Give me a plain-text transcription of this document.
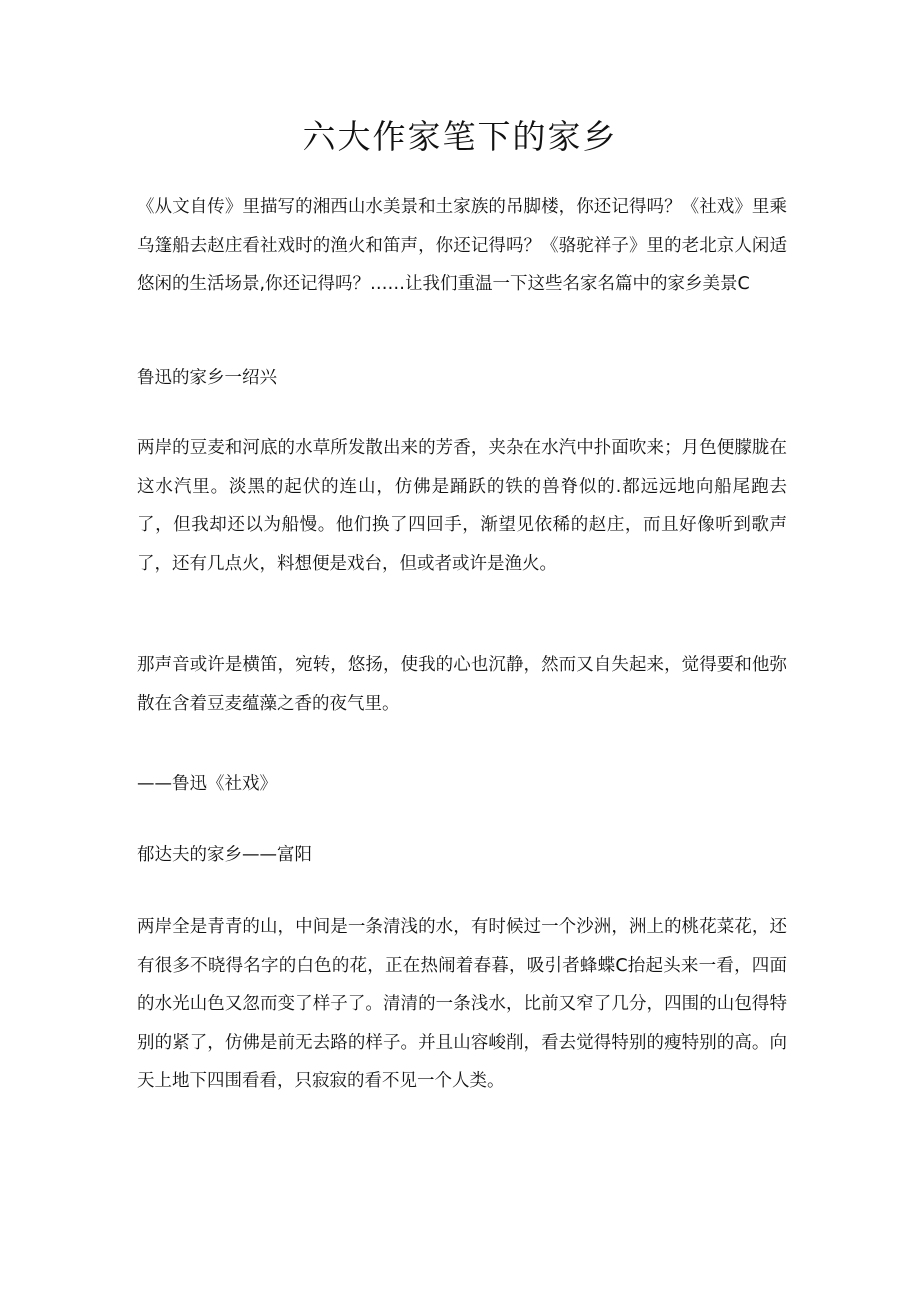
六大作家笔下的家乡

《从文自传》里描写的湘西山水美景和土家族的吊脚楼，你还记得吗？《社戏》里乘乌篷船去赵庄看社戏时的渔火和笛声，你还记得吗？《骆驼祥子》里的老北京人闲适悠闲的生活场景,你还记得吗？……让我们重温一下这些名家名篇中的家乡美景C

鲁迅的家乡一绍兴

两岸的豆麦和河底的水草所发散出来的芳香，夹杂在水汽中扑面吹来；月色便朦胧在这水汽里。淡黑的起伏的连山，仿佛是踊跃的铁的兽脊似的.都远远地向船尾跑去了，但我却还以为船慢。他们换了四回手，渐望见依稀的赵庄，而且好像听到歌声了，还有几点火，料想便是戏台，但或者或许是渔火。

那声音或许是横笛，宛转，悠扬，使我的心也沉静，然而又自失起来，觉得要和他弥散在含着豆麦蕴藻之香的夜气里。

——鲁迅《社戏》

郁达夫的家乡——富阳

两岸全是青青的山，中间是一条清浅的水，有时候过一个沙洲，洲上的桃花菜花，还有很多不晓得名字的白色的花，正在热闹着春暮，吸引者蜂蝶C抬起头来一看，四面的水光山色又忽而变了样子了。清清的一条浅水，比前又窄了几分，四围的山包得特别的紧了，仿佛是前无去路的样子。并且山容峻削，看去觉得特别的瘦特别的高。向天上地下四围看看，只寂寂的看不见一个人类。
